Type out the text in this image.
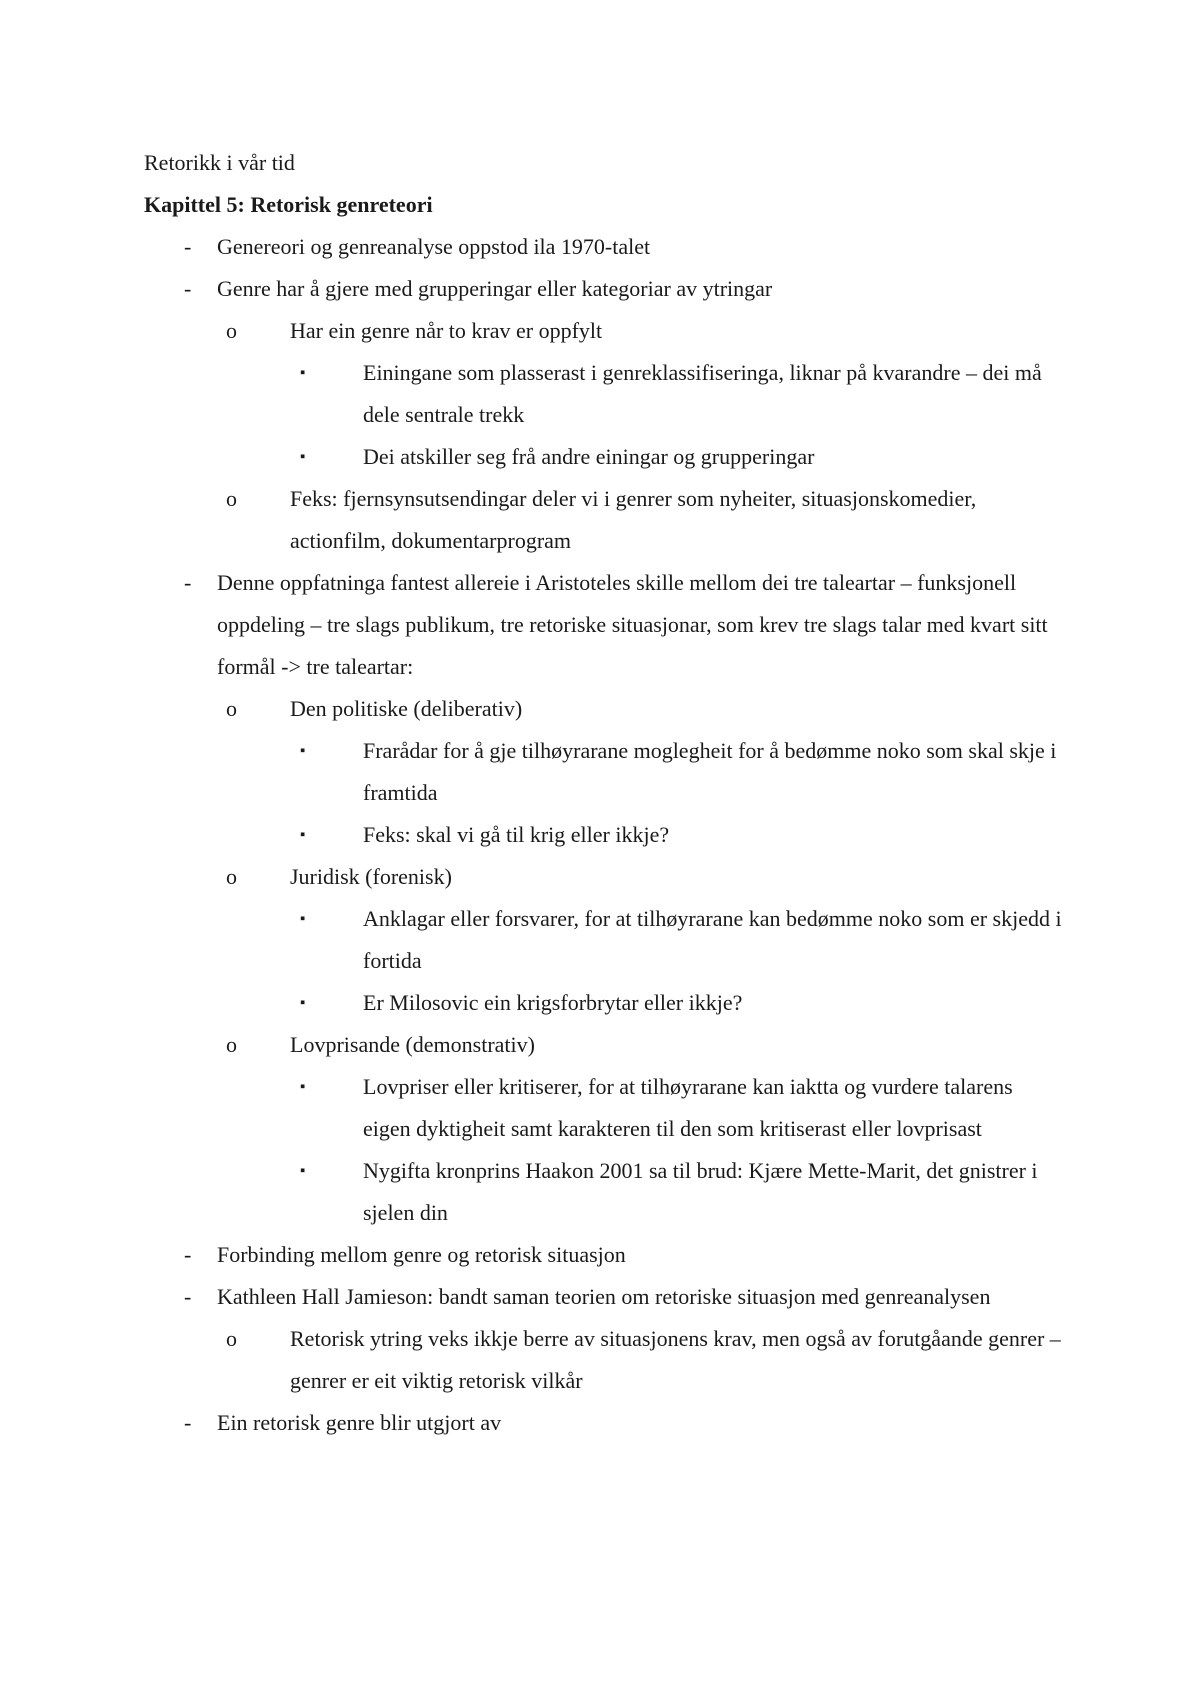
Retorikk i vår tid

Kapittel 5: Retorisk genreteori

-	Genereori og genreanalyse oppstod ila 1970-talet
-	Genre har å gjere med grupperingar eller kategoriar av ytringar
o	Har ein genre når to krav er oppfylt
▪	Einingane som plasserast i genreklassifiseringa, liknar på kvarandre – dei må dele sentrale trekk
▪	Dei atskiller seg frå andre einingar og grupperingar
o	Feks: fjernsynsutsendingar deler vi i genrer som nyheiter, situasjonskomedier, actionfilm, dokumentarprogram
-	Denne oppfatninga fantest allereie i Aristoteles skille mellom dei tre taleartar – funksjonell oppdeling – tre slags publikum, tre retoriske situasjonar, som krev tre slags talar med kvart sitt formål -> tre taleartar:
o	Den politiske (deliberativ)
▪	Frarådar for å gje tilhøyrarane moglegheit for å bedømme noko som skal skje i framtida
▪	Feks: skal vi gå til krig eller ikkje?
o	Juridisk (forenisk)
▪	Anklagar eller forsvarer, for at tilhøyrarane kan bedømme noko som er skjedd i fortida
▪	Er Milosovic ein krigsforbrytar eller ikkje?
o	Lovprisande (demonstrativ)
▪	Lovpriser eller kritiserer, for at tilhøyrarane kan iaktta og vurdere talarens eigen dyktigheit samt karakteren til den som kritiserast eller lovprisast
▪	Nygifta kronprins Haakon 2001 sa til brud: Kjære Mette-Marit, det gnistrer i sjelen din
-	Forbinding mellom genre og retorisk situasjon
-	Kathleen Hall Jamieson: bandt saman teorien om retoriske situasjon med genreanalysen
o	Retorisk ytring veks ikkje berre av situasjonens krav, men også av forutgåande genrer – genrer er eit viktig retorisk vilkår
-	Ein retorisk genre blir utgjort av
